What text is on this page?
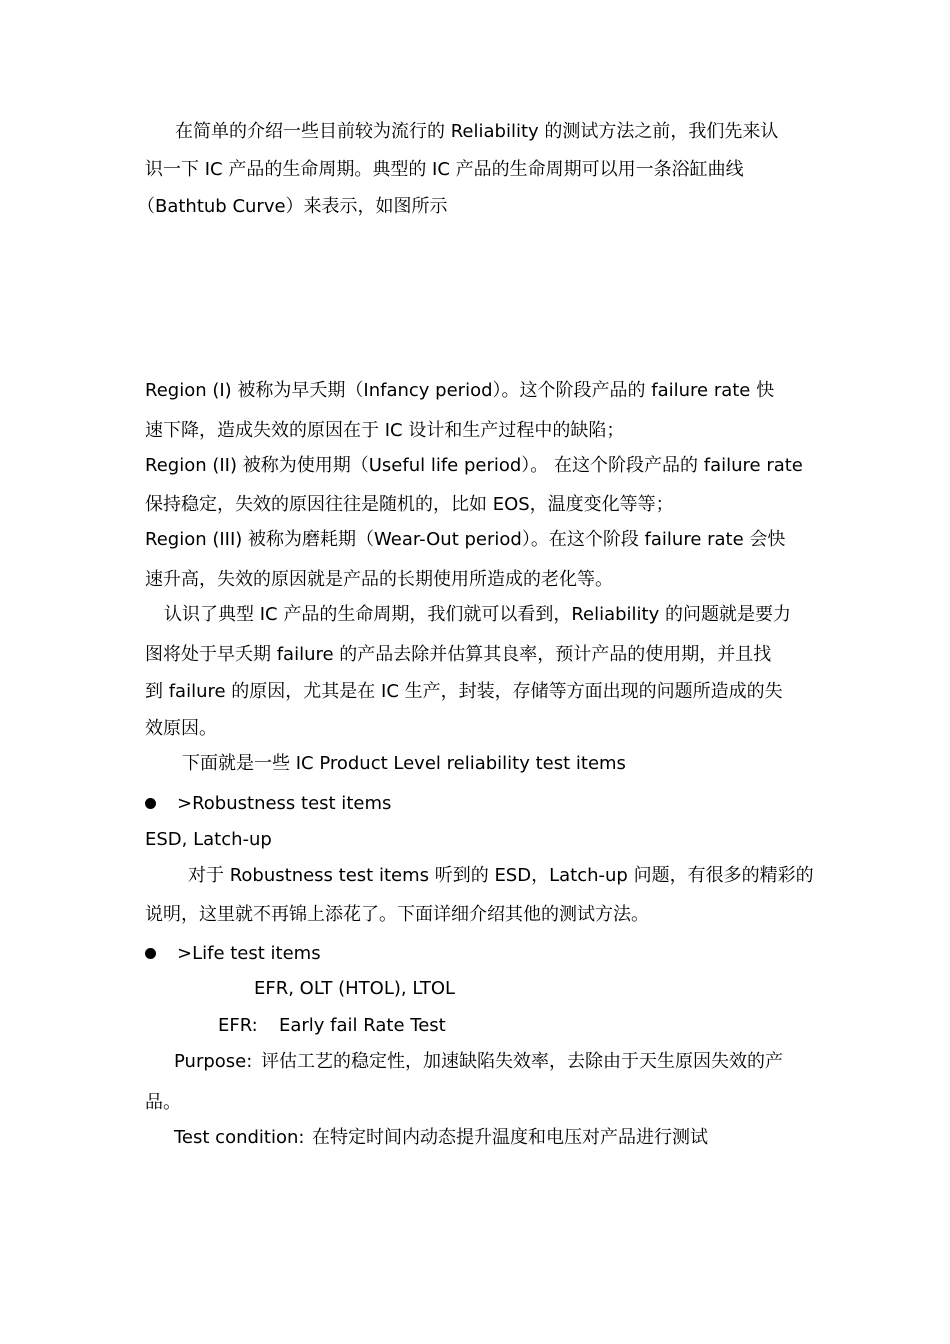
在简单的介绍一些目前较为流行的 Reliability 的测试方法之前，我们先来认
识一下 IC 产品的生命周期。典型的 IC 产品的生命周期可以用一条浴缸曲线
（Bathtub Curve）来表示，如图所示
Region (I) 被称为早夭期（Infancy period）。这个阶段产品的 failure rate 快
速下降，造成失效的原因在于 IC 设计和生产过程中的缺陷；
Region (II) 被称为使用期（Useful life period）。 在这个阶段产品的 failure rate
保持稳定，失效的原因往往是随机的，比如 EOS，温度变化等等；
Region (III) 被称为磨耗期（Wear-Out period）。在这个阶段 failure rate 会快
速升高，失效的原因就是产品的长期使用所造成的老化等。
认识了典型 IC 产品的生命周期，我们就可以看到，Reliability 的问题就是要力
图将处于早夭期 failure 的产品去除并估算其良率，预计产品的使用期，并且找
到 failure 的原因，尤其是在 IC 生产，封装，存储等方面出现的问题所造成的失
效原因。
下面就是一些 IC Product Level reliability test items
>Robustness test items
ESD, Latch-up
对于 Robustness test items 听到的 ESD，Latch-up 问题，有很多的精彩的
说明，这里就不再锦上添花了。下面详细介绍其他的测试方法。
>Life test items
EFR, OLT (HTOL), LTOL
EFR: Early fail Rate Test
Purpose: 评估工艺的稳定性，加速缺陷失效率，去除由于天生原因失效的产
品。
Test condition: 在特定时间内动态提升温度和电压对产品进行测试
